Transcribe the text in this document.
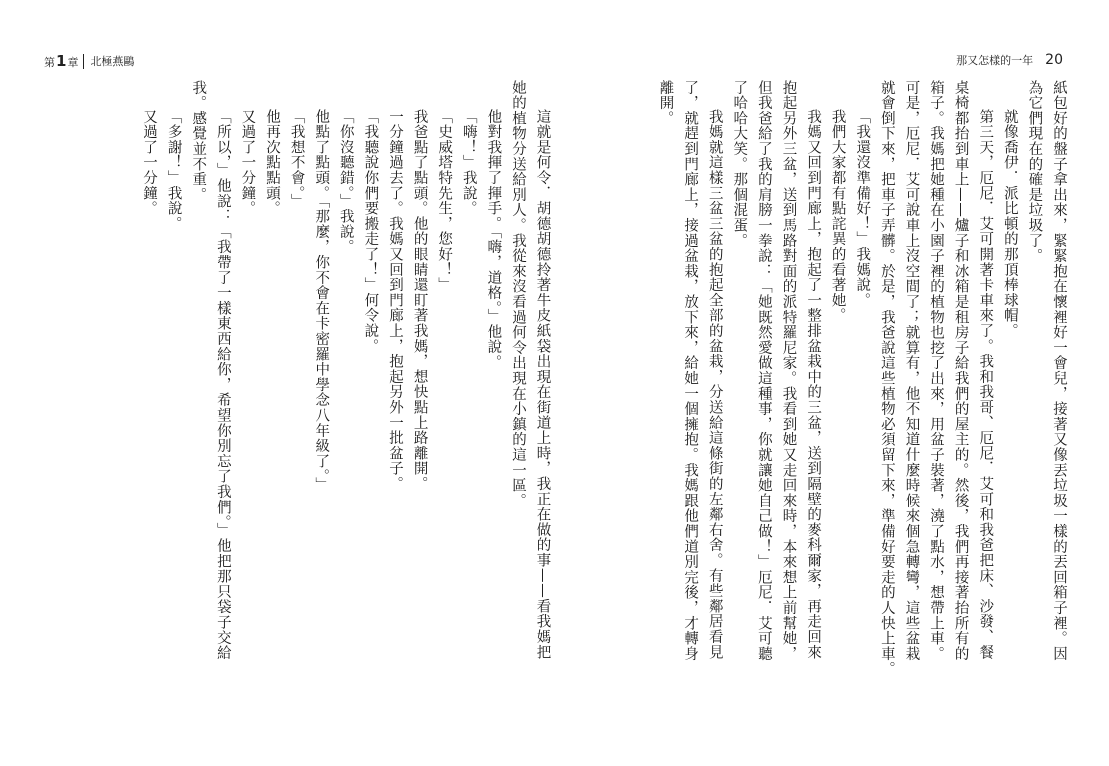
第 1 章 北極燕鷗	那又怎樣的一年 20
紙包好的盤子拿出來，緊緊抱在懷裡好一會兒，接著又像丟垃圾一樣的丟回箱子裡。因
為它們現在的確是垃圾了。
就像喬伊．派比頓的那頂棒球帽。
第三天，厄尼．艾可開著卡車來了。我和我哥、厄尼．艾可和我爸把床、沙發、餐
桌椅都抬到車上——爐子和冰箱是租房子給我們的屋主的。然後，我們再接著抬所有的
箱子。我媽把她種在小園子裡的植物也挖了出來，用盆子裝著，澆了點水，想帶上車。
可是，厄尼．艾可說車上沒空間了；就算有，他不知道什麼時候來個急轉彎，這些盆栽
就會倒下來，把車子弄髒。於是，我爸說這些植物必須留下來，準備好要走的人快上車。
「我還沒準備好！」我媽說。
我們大家都有點詫異的看著她。
我媽又回到門廊上，抱起了一整排盆栽中的三盆，送到隔壁的麥科爾家，再走回來
抱起另外三盆，送到馬路對面的派特羅尼家。我看到她又走回來時，本來想上前幫她，
但我爸給了我的肩膀一拳說：「她既然愛做這種事，你就讓她自己做！」厄尼．艾可聽
了哈哈大笑。那個混蛋。
我媽就這樣三盆三盆的抱起全部的盆栽，分送給這條街的左鄰右舍。有些鄰居看見
了，就趕到門廊上，接過盆栽，放下來，給她一個擁抱。我媽跟他們道別完後，才轉身
離開。
這就是何令．胡德胡德拎著牛皮紙袋出現在街道上時，我正在做的事——看我媽把
她的植物分送給別人。我從來沒看過何令出現在小鎮的這一區。
他對我揮了揮手。「嗨，道格。」他說。
「嗨！」我說。
「史威塔特先生，您好！」
我爸點了點頭。他的眼睛還盯著我媽，想快點上路離開。
一分鐘過去了。我媽又回到門廊上，抱起另外一批盆子。
「我聽說你們要搬走了！」何令說。
「你沒聽錯。」我說。
他點了點頭。「那麼，你不會在卡密羅中學念八年級了。」
「我想不會。」
他再次點點頭。
又過了一分鐘。
「所以，」他說：「我帶了一樣東西給你，希望你別忘了我們。」他把那只袋子交給
我。感覺並不重。
「多謝！」我說。
又過了一分鐘。
